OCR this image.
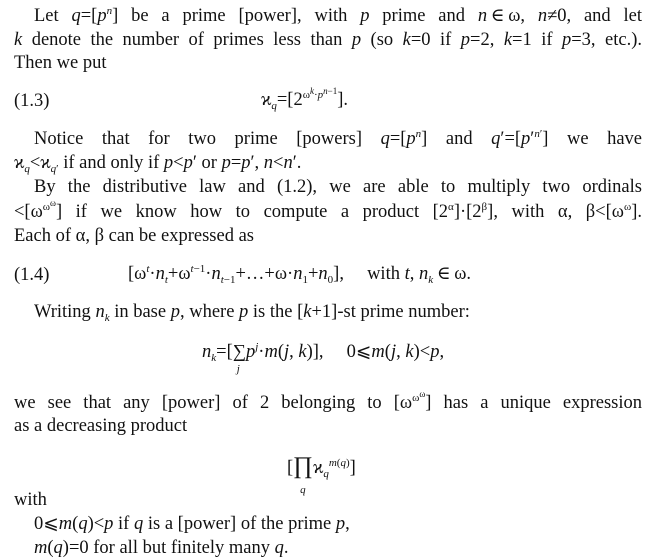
Let $q=[p^n]$ be a prime [power], with p prime and n ∈ ω, n≠0, and let
k denote the number of primes less than p (so k=0 if p=2, k=1 if p=3, etc.).
Then we put
(1.3)	$ϰ_q=[2^{\omega^k\cdot p^{n-1}}]$.
Notice that for two prime [powers] $q=[p^n]$ and $q'=[p'^{n'}]$ we have
$ϰ_q<ϰ_{q'}$ if and only if p<p′ or p=p′, n<n′.
By the distributive law and (1.2), we are able to multiply two ordinals
$<[\omega^{\omega^\omega}]$ if we know how to compute a product $[2^\alpha]\cdot[2^\beta]$, with α, $\beta<[\omega^\omega]$.
Each of α, β can be expressed as
(1.4)	$[\omega^t\cdot n_t+\omega^{t-1}\cdot n_{t-1}+\dots+\omega\cdot n_1+n_0]$,  with t, $n_k$ ∈ ω.
Writing $n_k$ in base p, where p is the [k+1]-st prime number:
$n_k=[\sum$
j
$p^j\cdot m(j$, k)],  0⩽m(j, k)<p,
we see that any [power] of 2 belonging to $[\omega^{\omega^\omega}]$ has a unique expression
as a decreasing product
[∏
q
$ϰ_q^{m(q)}$]
with
0⩽m(q)<p if q is a [power] of the prime p,
m(q)=0 for all but finitely many q.
